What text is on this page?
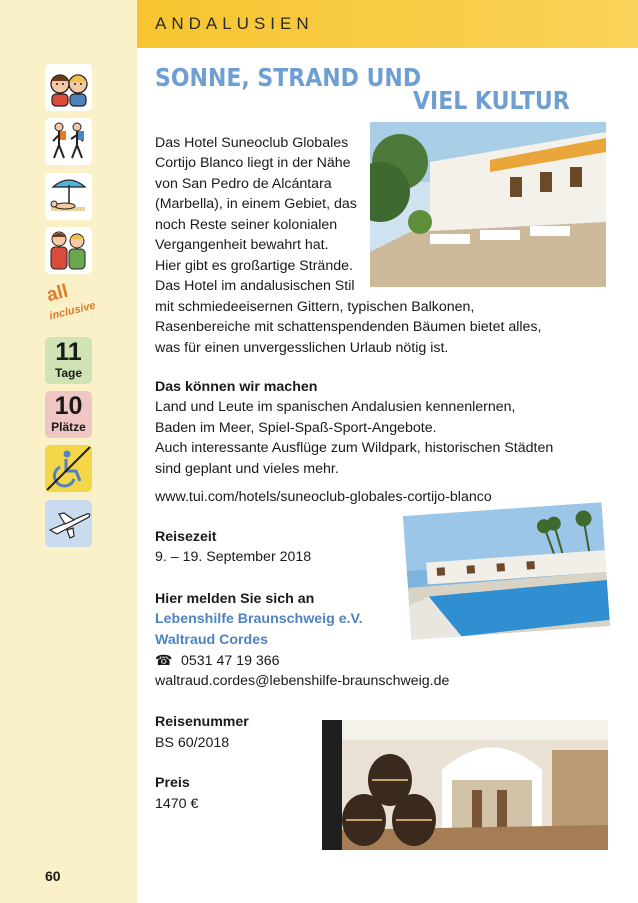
ANDALUSIEN
SONNE, STRAND UND
VIEL KULTUR
all
inclusive
11
Tage
10
Plätze
Das Hotel Suneoclub Globales
Cortijo Blanco liegt in der Nähe
von San Pedro de Alcántara
(Marbella), in einem Gebiet, das
noch Reste seiner kolonialen
Vergangenheit bewahrt hat.
Hier gibt es großartige Strände.
Das Hotel im andalusischen Stil
mit schmiedeeisernen Gittern, typischen Balkonen,
Rasenbereiche mit schattenspendenden Bäumen bietet alles,
was für einen unvergesslichen Urlaub nötig ist.
Das können wir machen
Land und Leute im spanischen Andalusien kennenlernen,
Baden im Meer, Spiel-Spaß-Sport-Angebote.
Auch interessante Ausflüge zum Wildpark, historischen Städten
sind geplant und vieles mehr.
www.tui.com/hotels/suneoclub-globales-cortijo-blanco
Reisezeit
9. – 19. September 2018
Hier melden Sie sich an
Lebenshilfe Braunschweig e.V.
Waltraud Cordes
☎ 0531 47 19 366
waltraud.cordes@lebenshilfe-braunschweig.de
Reisenummer
BS 60/2018
Preis
1470 €
60
